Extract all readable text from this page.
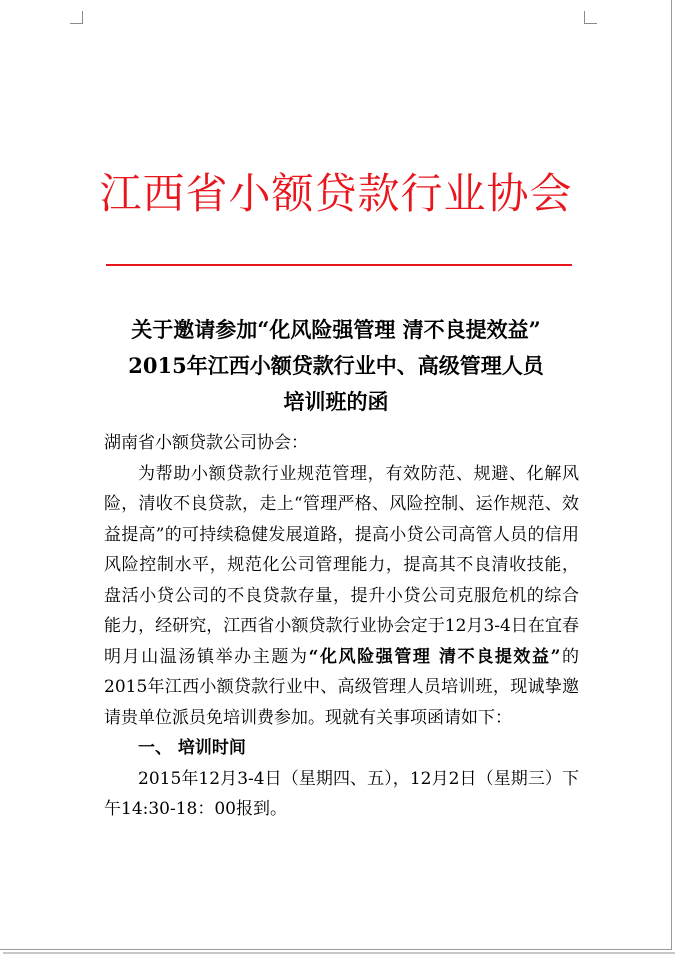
江西省小额贷款行业协会
关于邀请参加“化风险强管理 清不良提效益”
2015年江西小额贷款行业中、高级管理人员
培训班的函

湖南省小额贷款公司协会：

为帮助小额贷款行业规范管理，有效防范、规避、化解风险，清收不良贷款，走上“管理严格、风险控制、运作规范、效益提高”的可持续稳健发展道路，提高小贷公司高管人员的信用风险控制水平，规范化公司管理能力，提高其不良清收技能，盘活小贷公司的不良贷款存量，提升小贷公司克服危机的综合能力，经研究，江西省小额贷款行业协会定于12月3-4日在宜春明月山温汤镇举办主题为“化风险强管理 清不良提效益”的2015年江西小额贷款行业中、高级管理人员培训班，现诚挚邀请贵单位派员免培训费参加。现就有关事项函请如下：

一、 培训时间

2015年12月3-4日（星期四、五），12月2日（星期三）下午14:30-18：00报到。
